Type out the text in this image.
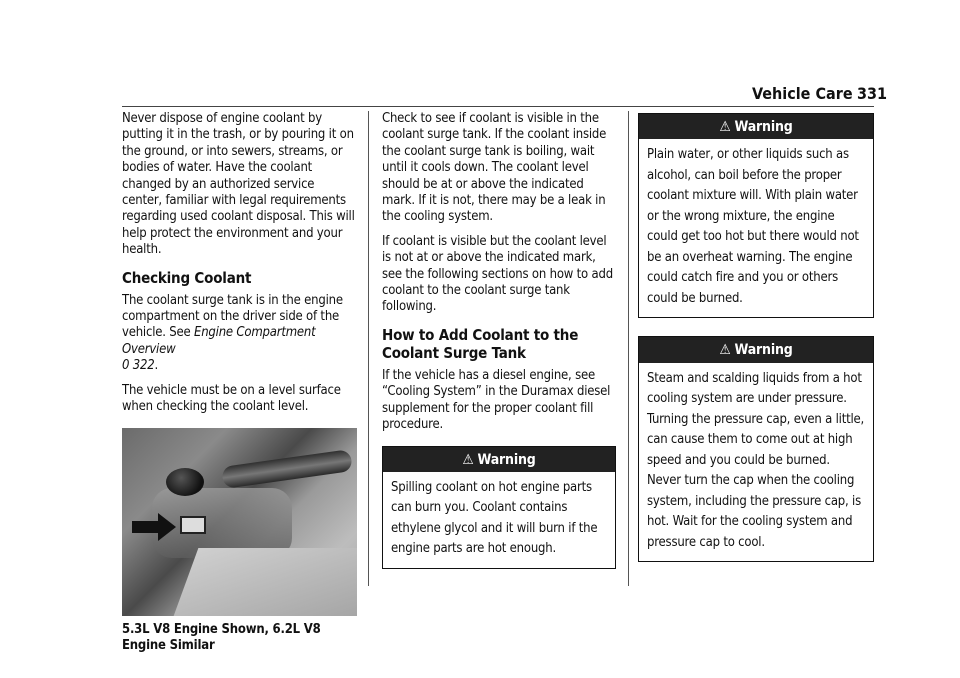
Vehicle Care 331

Never dispose of engine coolant by putting it in the trash, or by pouring it on the ground, or into sewers, streams, or bodies of water. Have the coolant changed by an authorized service center, familiar with legal requirements regarding used coolant disposal. This will help protect the environment and your health.

Checking Coolant

The coolant surge tank is in the engine compartment on the driver side of the vehicle. See Engine Compartment Overview
0 322.

The vehicle must be on a level surface when checking the coolant level.

5.3L V8 Engine Shown, 6.2L V8 Engine Similar

Check to see if coolant is visible in the coolant surge tank. If the coolant inside the coolant surge tank is boiling, wait until it cools down. The coolant level should be at or above the indicated mark. If it is not, there may be a leak in the cooling system.

If coolant is visible but the coolant level is not at or above the indicated mark, see the following sections on how to add coolant to the coolant surge tank following.

How to Add Coolant to the Coolant Surge Tank

If the vehicle has a diesel engine, see “Cooling System” in the Duramax diesel supplement for the proper coolant fill procedure.

⚠ Warning
Spilling coolant on hot engine parts can burn you. Coolant contains ethylene glycol and it will burn if the engine parts are hot enough.
⚠ Warning
Plain water, or other liquids such as alcohol, can boil before the proper coolant mixture will. With plain water or the wrong mixture, the engine could get too hot but there would not be an overheat warning. The engine could catch fire and you or others could be burned.
⚠ Warning
Steam and scalding liquids from a hot cooling system are under pressure. Turning the pressure cap, even a little, can cause them to come out at high speed and you could be burned. Never turn the cap when the cooling system, including the pressure cap, is hot. Wait for the cooling system and pressure cap to cool.
